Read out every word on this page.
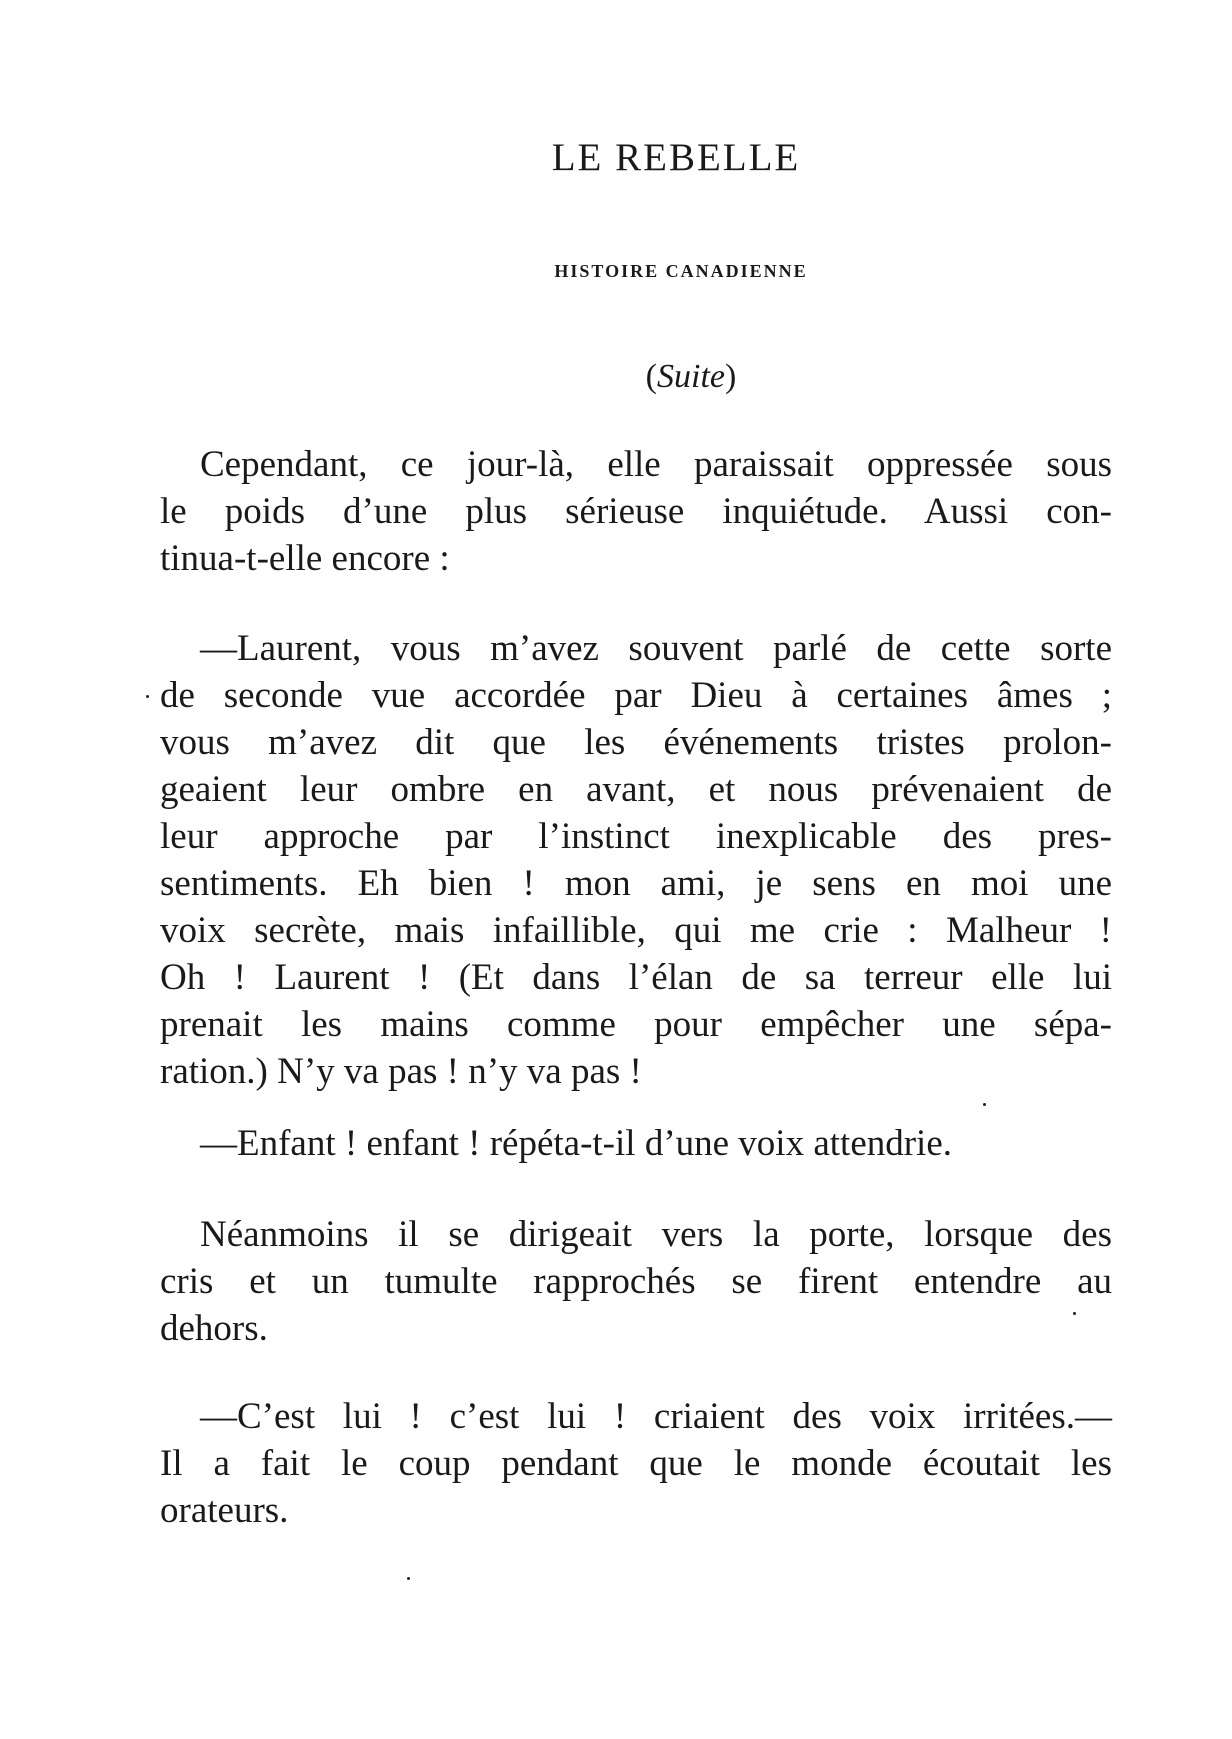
LE REBELLE
HISTOIRE CANADIENNE
(Suite)
Cependant, ce jour-là, elle paraissait oppressée sous
le poids d’une plus sérieuse inquiétude. Aussi con-
tinua-t-elle encore :
—Laurent, vous m’avez souvent parlé de cette sorte
de seconde vue accordée par Dieu à certaines âmes ;
vous m’avez dit que les événements tristes prolon-
geaient leur ombre en avant, et nous prévenaient de
leur approche par l’instinct inexplicable des pres-
sentiments. Eh bien ! mon ami, je sens en moi une
voix secrète, mais infaillible, qui me crie : Malheur !
Oh ! Laurent ! (Et dans l’élan de sa terreur elle lui
prenait les mains comme pour empêcher une sépa-
ration.) N’y va pas ! n’y va pas !
—Enfant ! enfant ! répéta-t-il d’une voix attendrie.
Néanmoins il se dirigeait vers la porte, lorsque des
cris et un tumulte rapprochés se firent entendre au
dehors.
—C’est lui ! c’est lui ! criaient des voix irritées.—
Il a fait le coup pendant que le monde écoutait les
orateurs.
